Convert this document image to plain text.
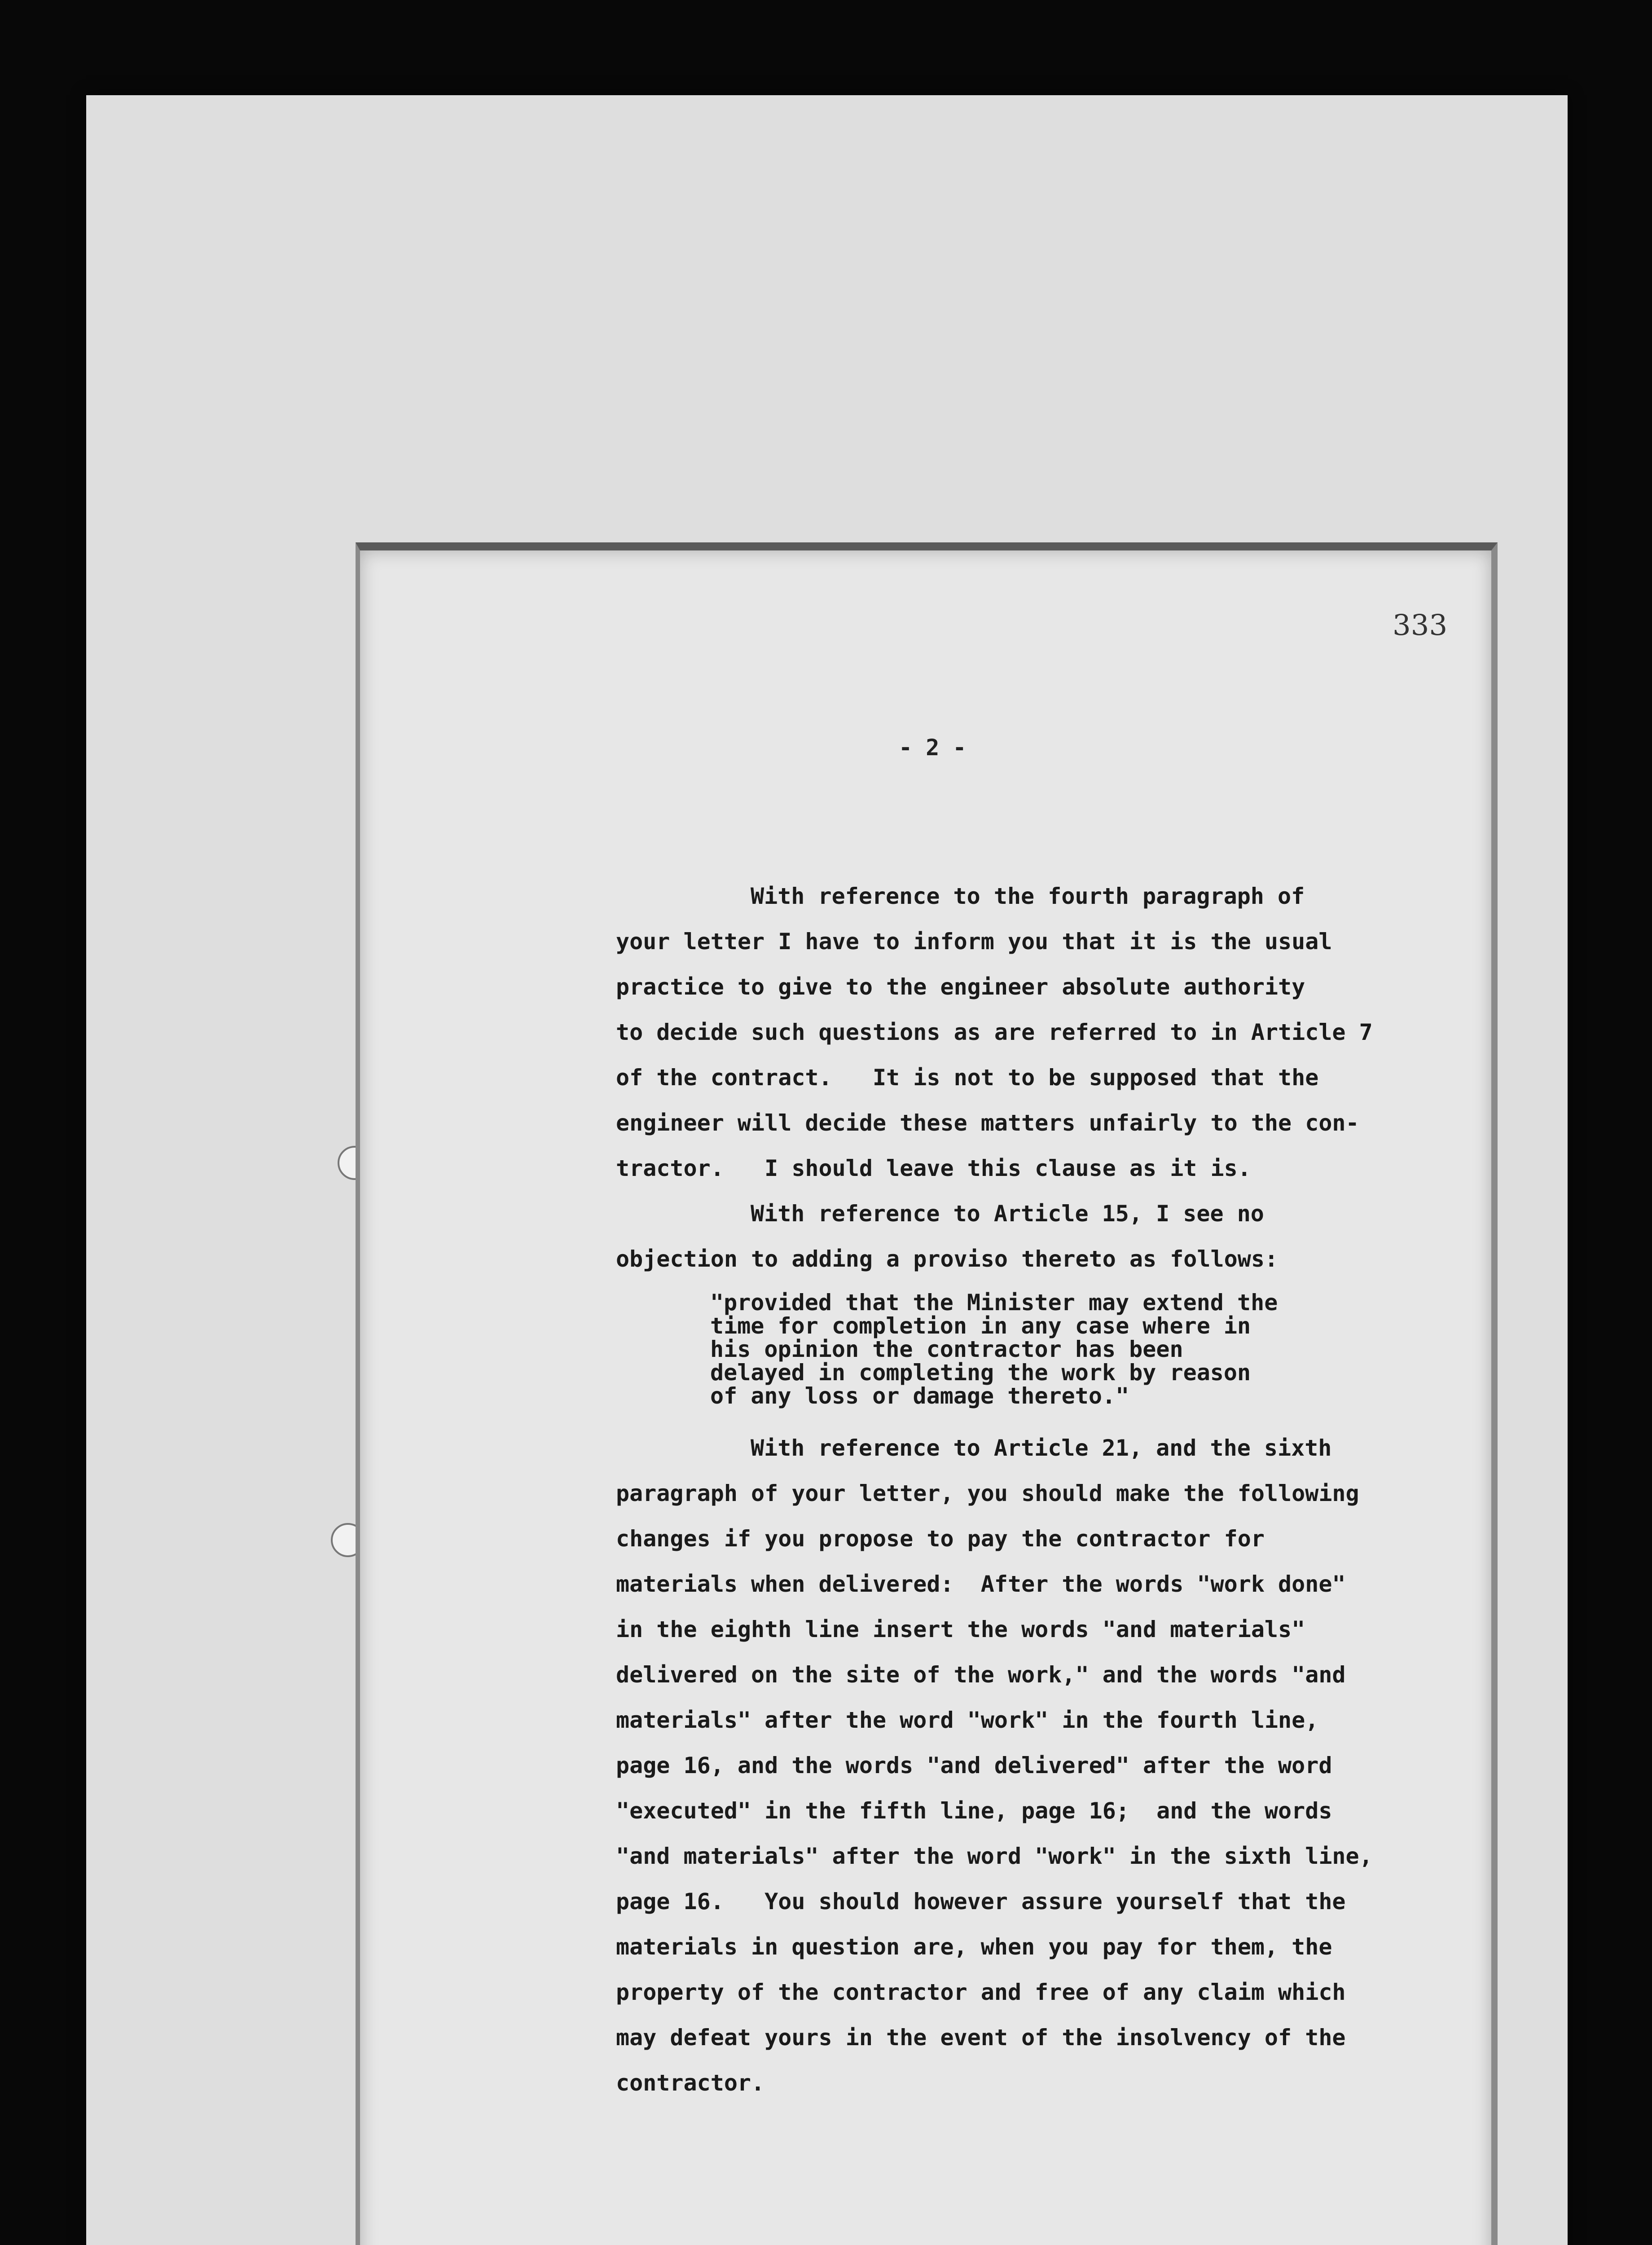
333
- 2 -
With reference to the fourth paragraph of
your letter I have to inform you that it is the usual
practice to give to the engineer absolute authority
to decide such questions as are referred to in Article 7
of the contract.   It is not to be supposed that the
engineer will decide these matters unfairly to the con-
tractor.   I should leave this clause as it is.
With reference to Article 15, I see no
objection to adding a proviso thereto as follows:
"provided that the Minister may extend the
time for completion in any case where in
his opinion the contractor has been
delayed in completing the work by reason
of any loss or damage thereto."
With reference to Article 21, and the sixth
paragraph of your letter, you should make the following
changes if you propose to pay the contractor for
materials when delivered:  After the words "work done"
in the eighth line insert the words "and materials"
delivered on the site of the work," and the words "and
materials" after the word "work" in the fourth line,
page 16, and the words "and delivered" after the word
"executed" in the fifth line, page 16;  and the words
"and materials" after the word "work" in the sixth line,
page 16.   You should however assure yourself that the
materials in question are, when you pay for them, the
property of the contractor and free of any claim which
may defeat yours in the event of the insolvency of the
contractor.
